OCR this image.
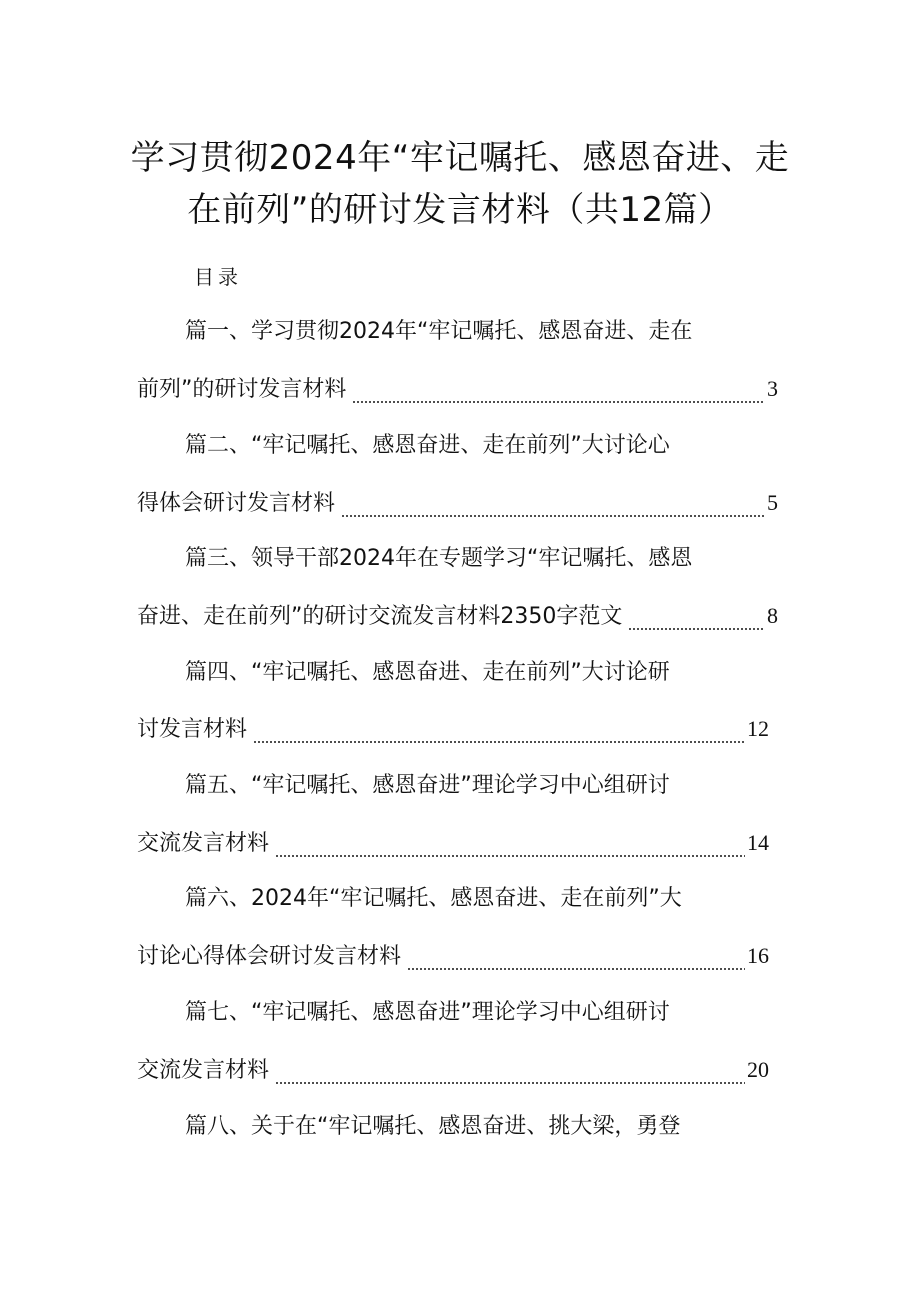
学习贯彻2024年“牢记嘱托、感恩奋进、走
在前列”的研讨发言材料（共12篇）
目录
篇一、学习贯彻2024年“牢记嘱托、感恩奋进、走在
前列”的研讨发言材料	3
篇二、“牢记嘱托、感恩奋进、走在前列”大讨论心
得体会研讨发言材料	5
篇三、领导干部2024年在专题学习“牢记嘱托、感恩
奋进、走在前列”的研讨交流发言材料2350字范文	8
篇四、“牢记嘱托、感恩奋进、走在前列”大讨论研
讨发言材料	12
篇五、“牢记嘱托、感恩奋进”理论学习中心组研讨
交流发言材料	14
篇六、2024年“牢记嘱托、感恩奋进、走在前列”大
讨论心得体会研讨发言材料	16
篇七、“牢记嘱托、感恩奋进”理论学习中心组研讨
交流发言材料	20
篇八、关于在“牢记嘱托、感恩奋进、挑大梁，勇登
